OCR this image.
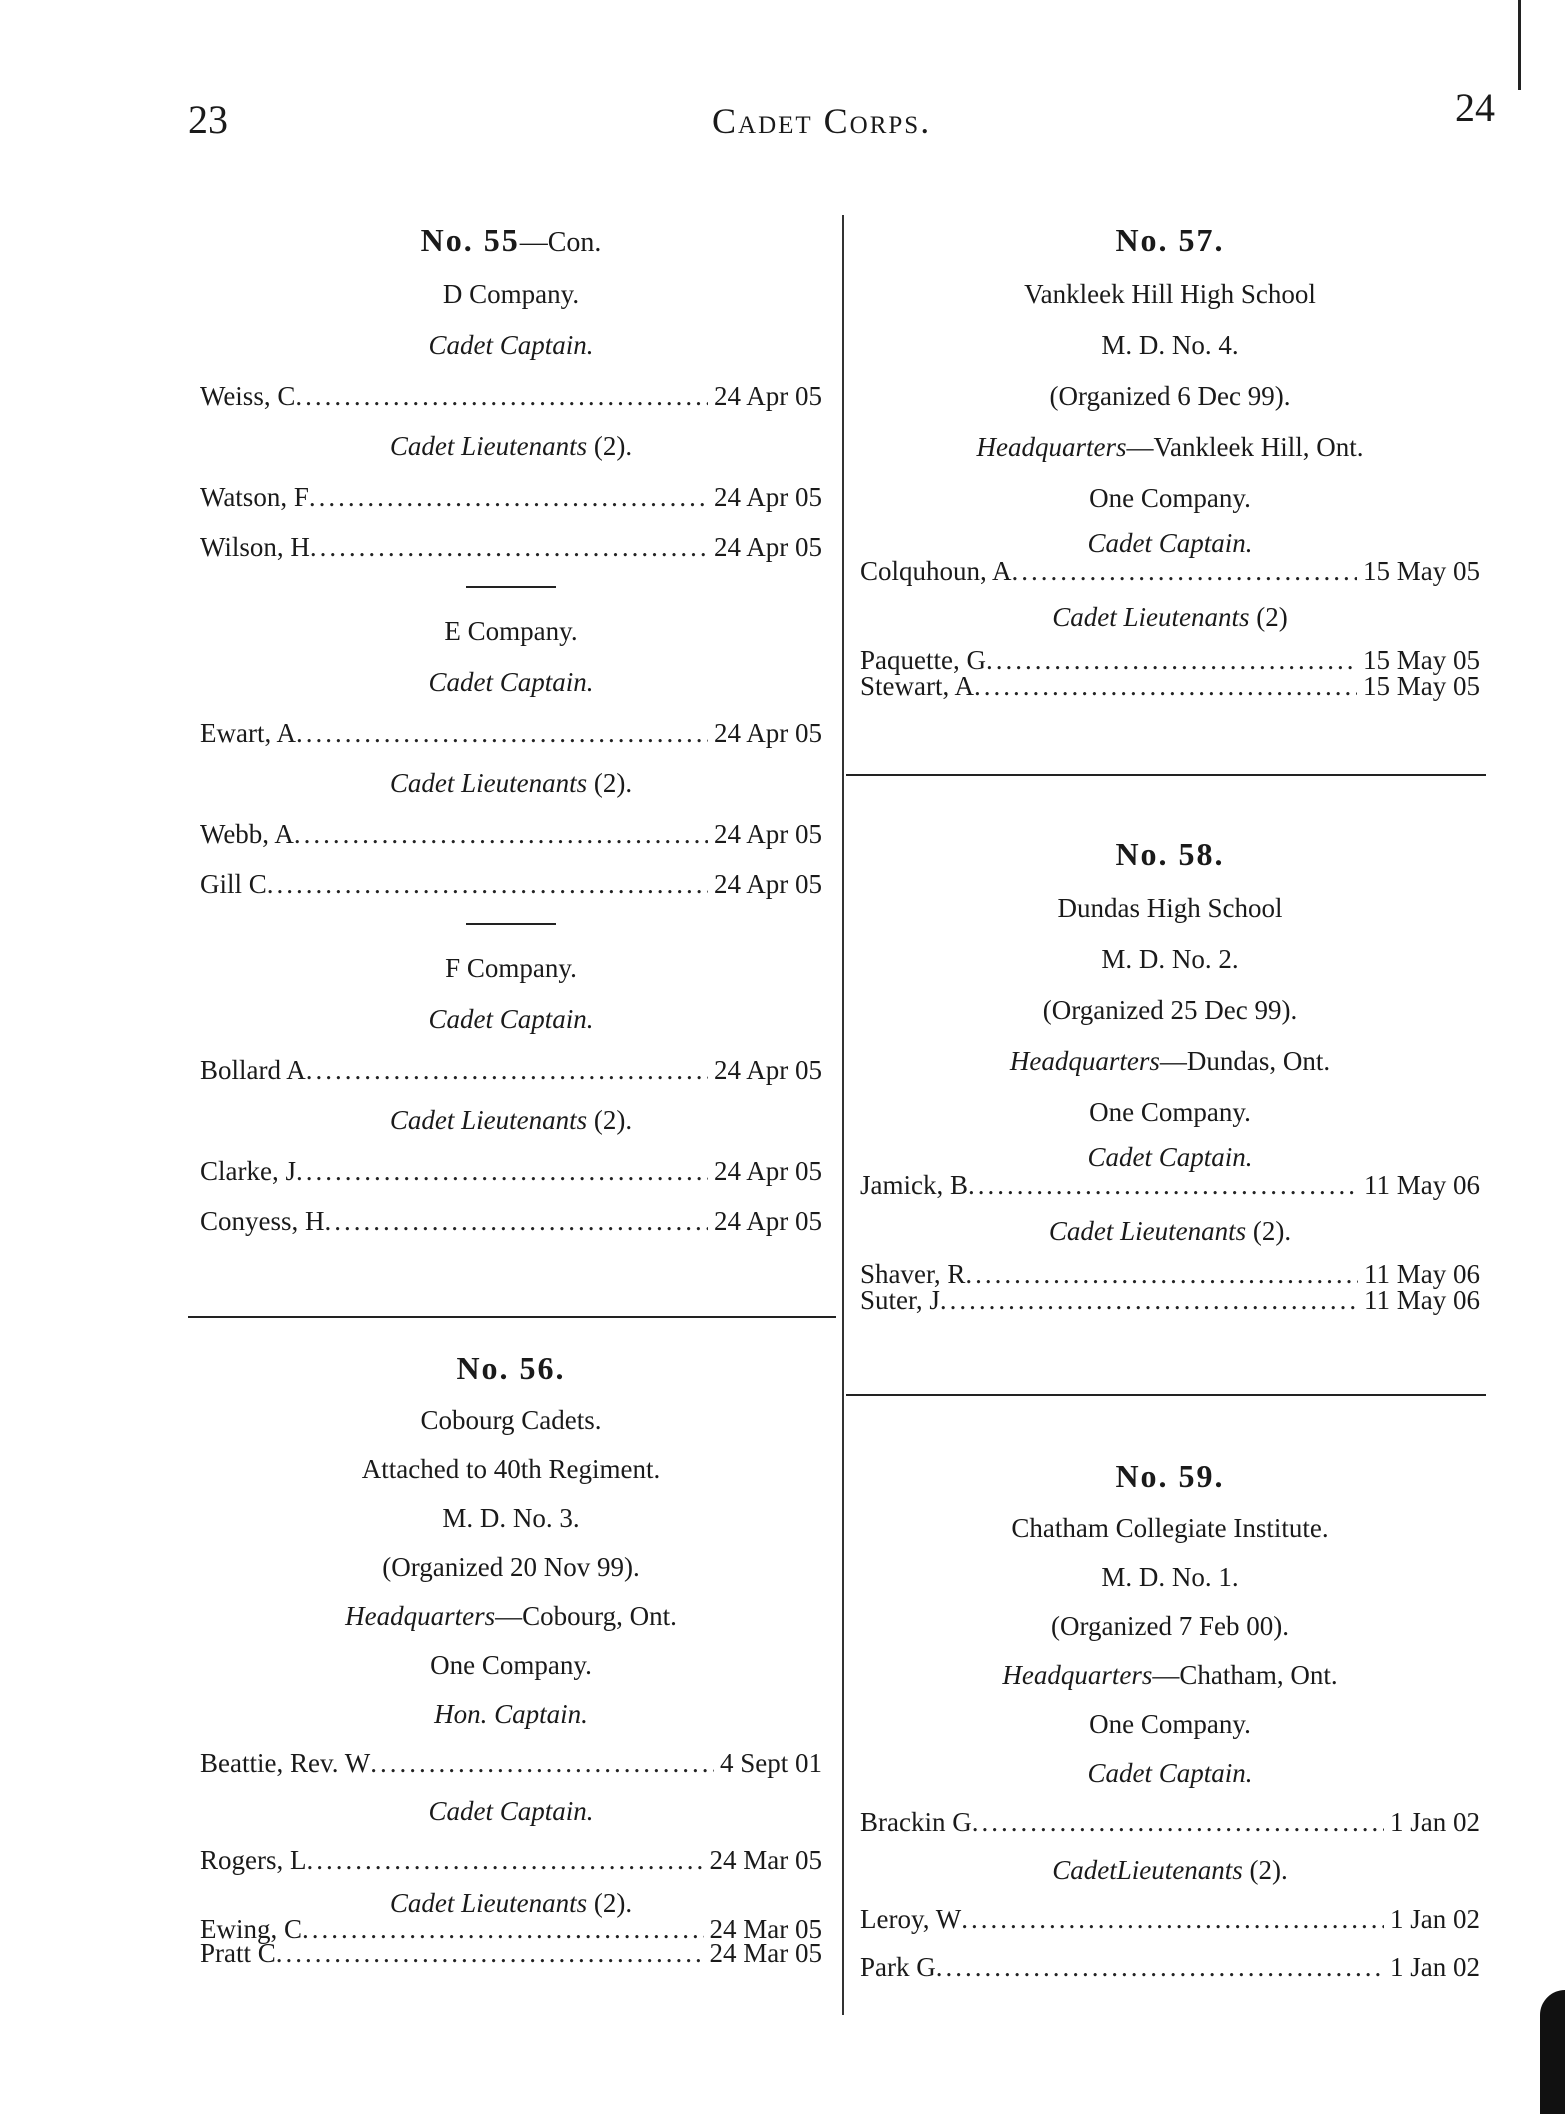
23	Cadet Corps.	24
No. 55—Con.
D Company.
Cadet Captain.
Weiss, C .....	24 Apr 05
Cadet Lieutenants (2).
Watson, F .....	24 Apr 05
Wilson, H .....	24 Apr 05
E Company.
Cadet Captain.
Ewart, A .....	24 Apr 05
Cadet Lieutenants (2).
Webb, A .....	24 Apr 05
Gill C .....	24 Apr 05
F Company.
Cadet Captain.
Bollard A .....	24 Apr 05
Cadet Lieutenants (2).
Clarke, J .....	24 Apr 05
Conyess, H .....	24 Apr 05
No. 56.
Cobourg Cadets.
Attached to 40th Regiment.
M. D. No. 3.
(Organized 20 Nov 99).
Headquarters—Cobourg, Ont.
One Company.
Hon. Captain.
Beattie, Rev. W .....	4 Sept 01
Cadet Captain.
Rogers, L .....	24 Mar 05
Cadet Lieutenants (2).
Ewing, C .....	24 Mar 05
Pratt C .....	24 Mar 05
No. 57.
Vankleek Hill High School
M. D. No. 4.
(Organized 6 Dec 99).
Headquarters—Vankleek Hill, Ont.
One Company.
Cadet Captain.
Colquhoun, A .....	15 May 05
Cadet Lieutenants (2)
Paquette, G .....	15 May 05
Stewart, A .....	15 May 05
No. 58.
Dundas High School
M. D. No. 2.
(Organized 25 Dec 99).
Headquarters—Dundas, Ont.
One Company.
Cadet Captain.
Jamick, B .....	11 May 06
Cadet Lieutenants (2).
Shaver, R .....	11 May 06
Suter, J .....	11 May 06
No. 59.
Chatham Collegiate Institute.
M. D. No. 1.
(Organized 7 Feb 00).
Headquarters—Chatham, Ont.
One Company.
Cadet Captain.
Brackin G .....	1 Jan 02
CadetLieutenants (2).
Leroy, W .....	1 Jan 02
Park G .....	1 Jan 02
